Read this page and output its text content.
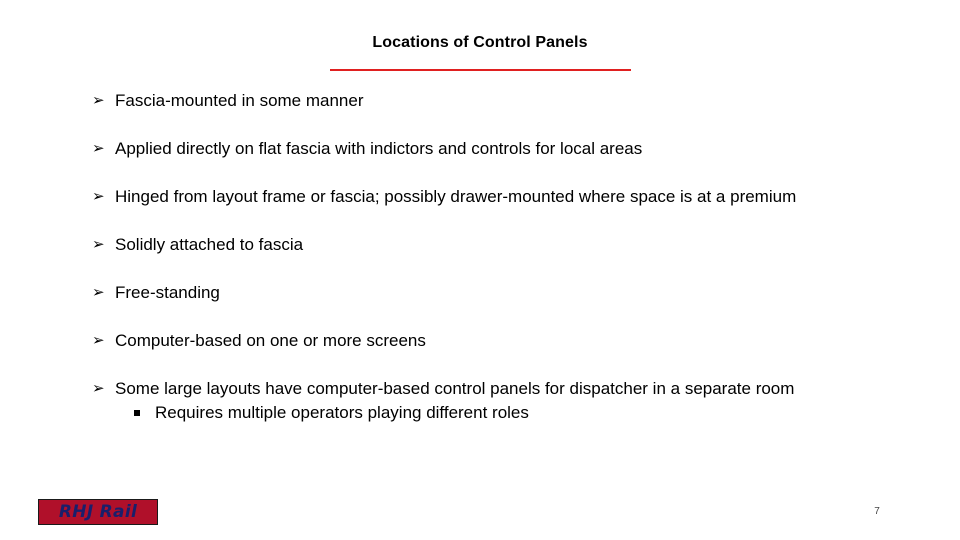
Locations of Control Panels
➢ Fascia-mounted in some manner
➢ Applied directly on flat fascia with indictors and controls for local areas
➢ Hinged from layout frame or fascia; possibly drawer-mounted where space is at a premium
➢ Solidly attached to fascia
➢ Free-standing
➢ Computer-based on one or more screens
➢ Some large layouts have computer-based control panels for dispatcher in a separate room
Requires multiple operators playing different roles
RHJ Rail	7
